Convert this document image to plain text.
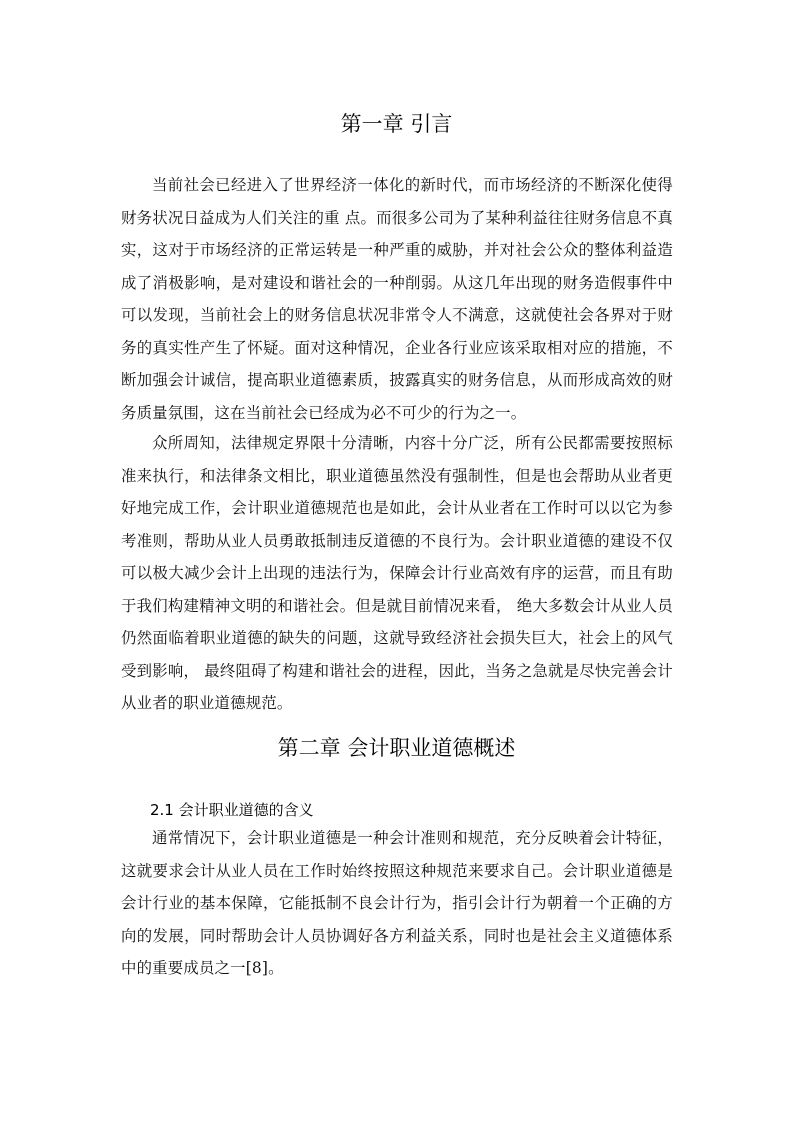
第一章 引言

当前社会已经进入了世界经济一体化的新时代，而市场经济的不断深化使得财务状况日益成为人们关注的重 点。而很多公司为了某种利益往往财务信息不真实，这对于市场经济的正常运转是一种严重的威胁，并对社会公众的整体利益造成了消极影响，是对建设和谐社会的一种削弱。从这几年出现的财务造假事件中可以发现，当前社会上的财务信息状况非常令人不满意，这就使社会各界对于财务的真实性产生了怀疑。面对这种情况，企业各行业应该采取相对应的措施，不断加强会计诚信，提高职业道德素质，披露真实的财务信息，从而形成高效的财务质量氛围，这在当前社会已经成为必不可少的行为之一。

众所周知，法律规定界限十分清晰，内容十分广泛，所有公民都需要按照标准来执行，和法律条文相比，职业道德虽然没有强制性，但是也会帮助从业者更好地完成工作，会计职业道德规范也是如此，会计从业者在工作时可以以它为参考准则，帮助从业人员勇敢抵制违反道德的不良行为。会计职业道德的建设不仅可以极大减少会计上出现的违法行为，保障会计行业高效有序的运营，而且有助于我们构建精神文明的和谐社会。但是就目前情况来看， 绝大多数会计从业人员仍然面临着职业道德的缺失的问题，这就导致经济社会损失巨大，社会上的风气受到影响， 最终阻碍了构建和谐社会的进程，因此，当务之急就是尽快完善会计从业者的职业道德规范。

第二章 会计职业道德概述
2.1 会计职业道德的含义

通常情况下，会计职业道德是一种会计准则和规范，充分反映着会计特征，这就要求会计从业人员在工作时始终按照这种规范来要求自己。会计职业道德是会计行业的基本保障，它能抵制不良会计行为，指引会计行为朝着一个正确的方向的发展，同时帮助会计人员协调好各方利益关系，同时也是社会主义道德体系中的重要成员之一[8]。
